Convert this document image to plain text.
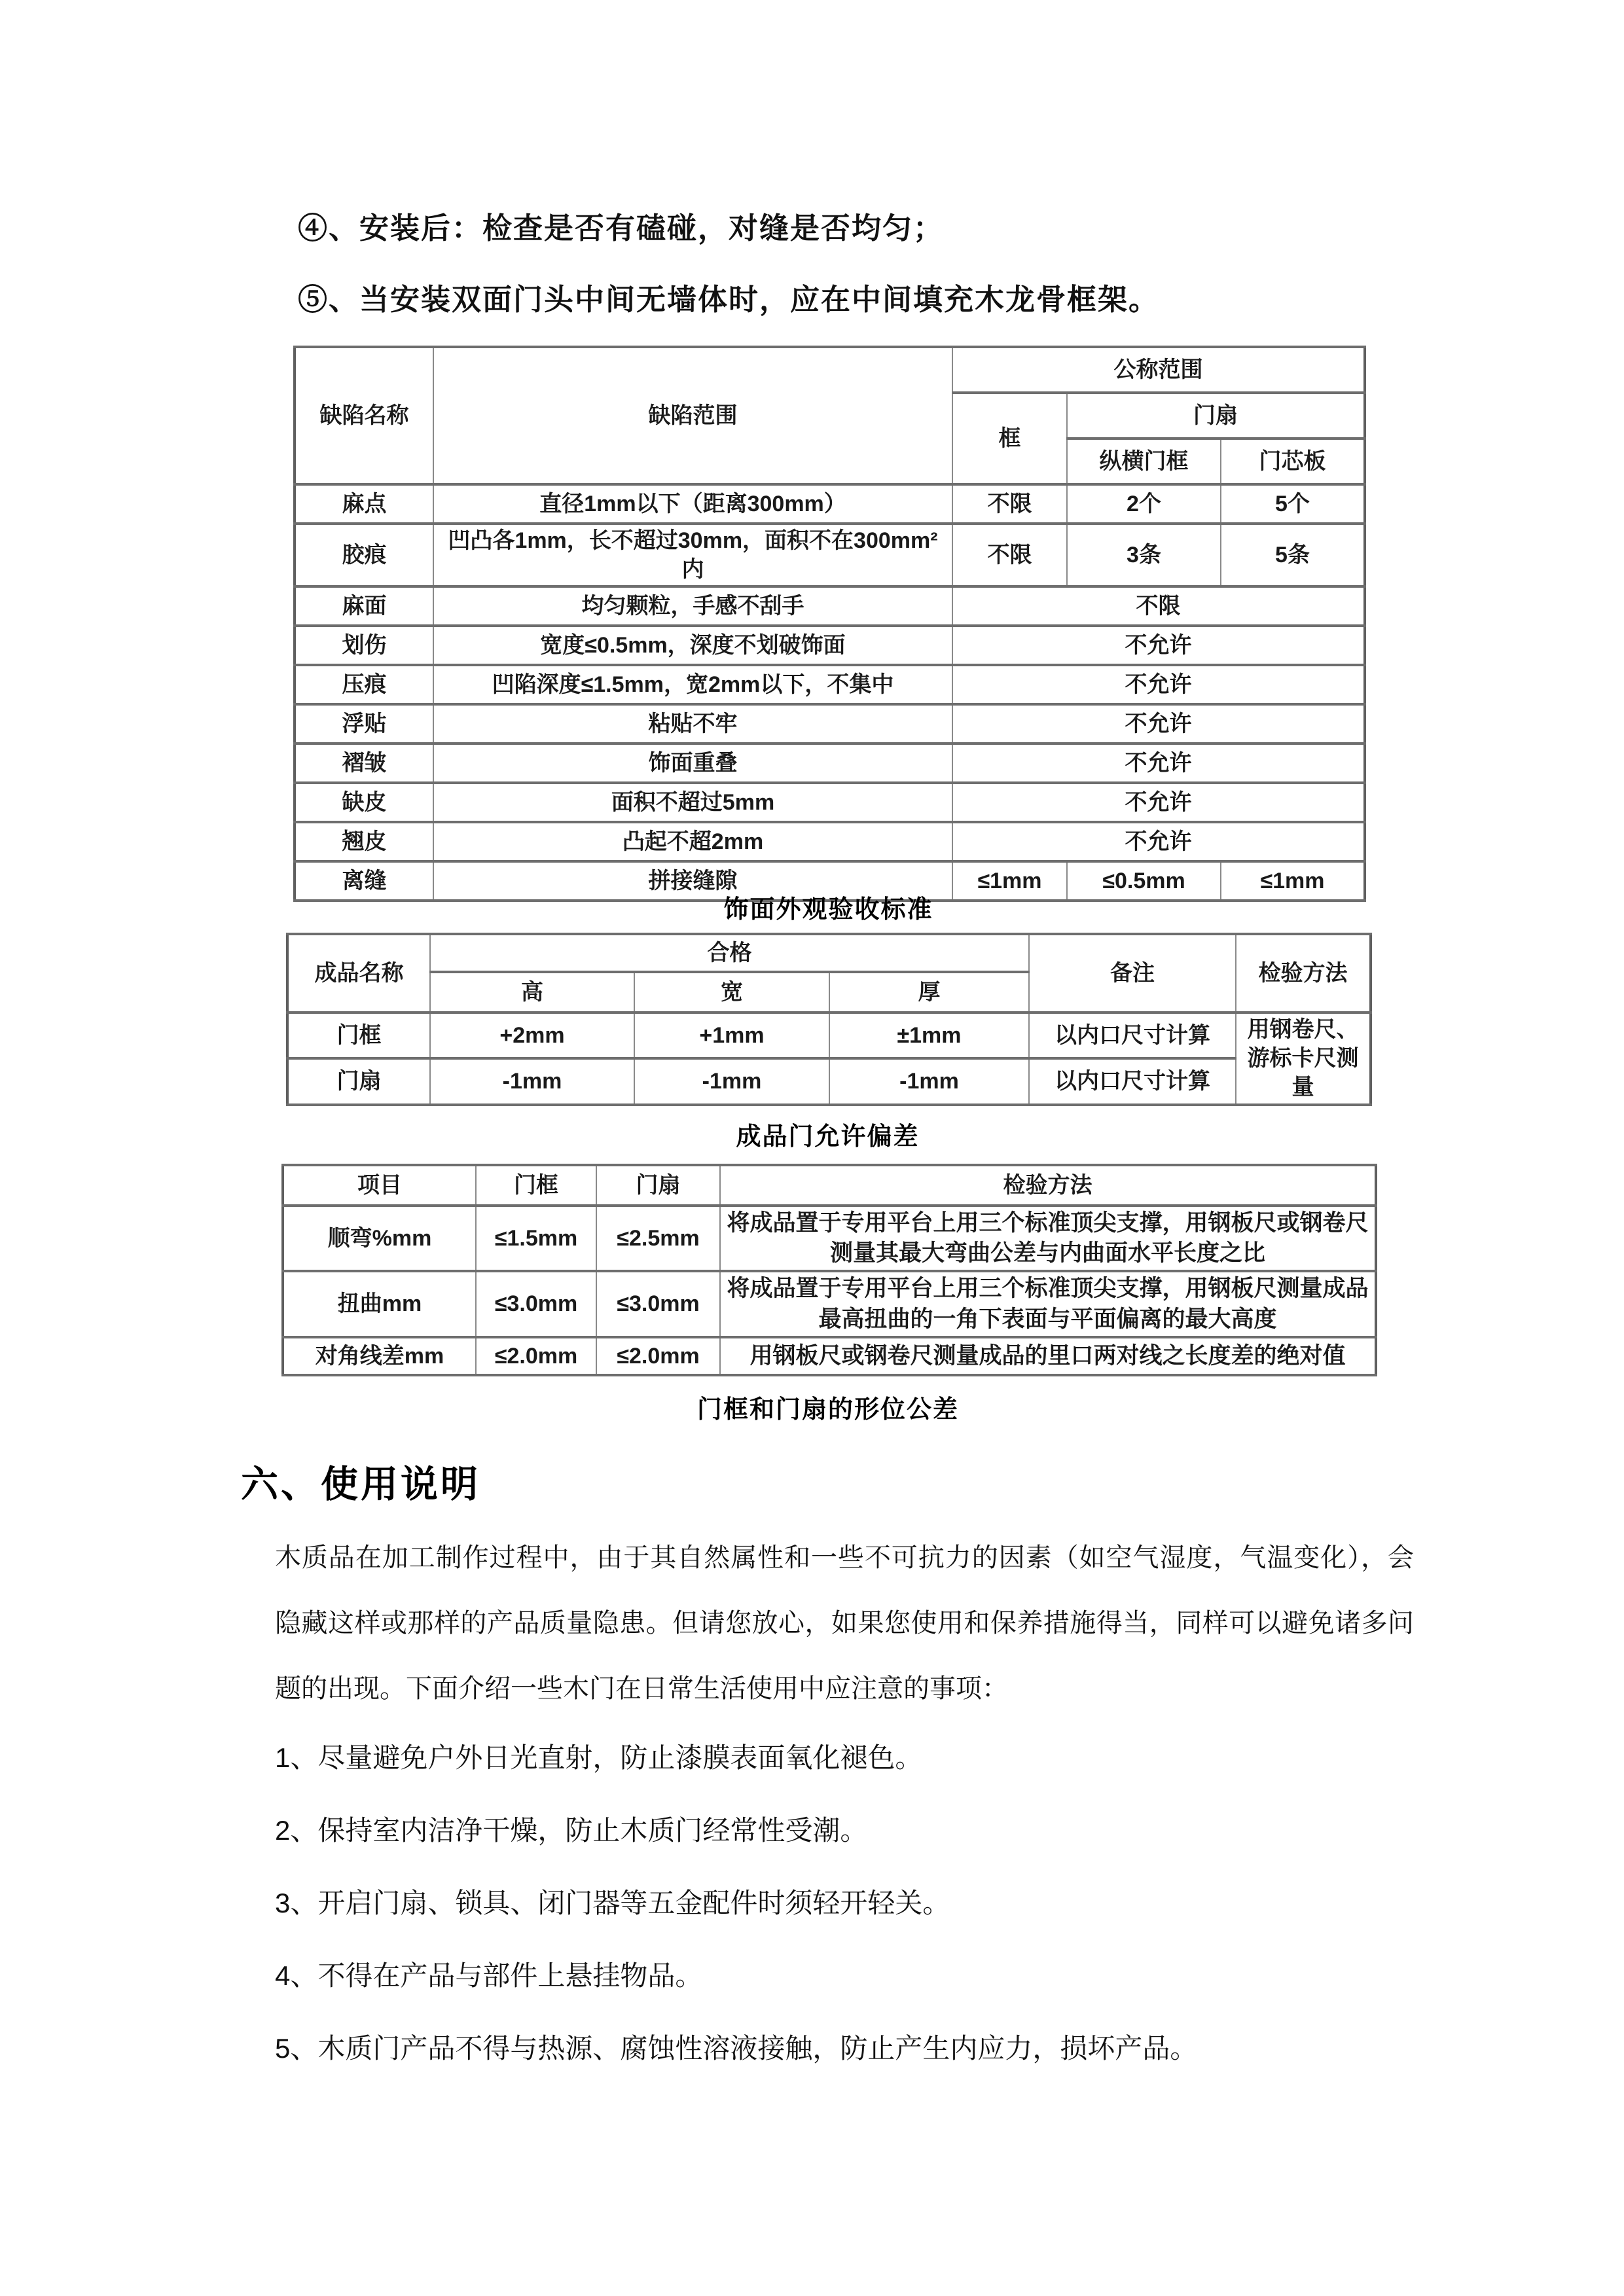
④、安装后：检查是否有磕碰，对缝是否均匀；
⑤、当安装双面门头中间无墙体时，应在中间填充木龙骨框架。
缺陷名称	缺陷范围	公称范围		
		框	门扇	
			纵横门框	门芯板
麻点	直径1mm以下（距离300mm）	不限	2个	5个
胶痕	凹凸各1mm，长不超过30mm，面积不在300mm²内	不限	3条	5条
麻面	均匀颗粒，手感不刮手	不限		
划伤	宽度≤0.5mm，深度不划破饰面	不允许		
压痕	凹陷深度≤1.5mm，宽2mm以下，不集中	不允许		
浮贴	粘贴不牢	不允许		
褶皱	饰面重叠	不允许		
缺皮	面积不超过5mm	不允许		
翘皮	凸起不超2mm	不允许		
离缝	拼接缝隙	≤1mm	≤0.5mm	≤1mm
饰面外观验收标准
成品名称	合格			备注	检验方法
	高	宽	厚		
门框	+2mm	+1mm	±1mm	以内口尺寸计算	用钢卷尺、游标卡尺测量
门扇	-1mm	-1mm	-1mm	以内口尺寸计算	
成品门允许偏差
项目	门框	门扇	检验方法
顺弯%mm	≤1.5mm	≤2.5mm	将成品置于专用平台上用三个标准顶尖支撑，用钢板尺或钢卷尺测量其最大弯曲公差与内曲面水平长度之比
扭曲mm	≤3.0mm	≤3.0mm	将成品置于专用平台上用三个标准顶尖支撑，用钢板尺测量成品最高扭曲的一角下表面与平面偏离的最大高度
对角线差mm	≤2.0mm	≤2.0mm	用钢板尺或钢卷尺测量成品的里口两对线之长度差的绝对值
门框和门扇的形位公差
六、使用说明
木质品在加工制作过程中，由于其自然属性和一些不可抗力的因素（如空气湿度，气温变化），会
隐藏这样或那样的产品质量隐患。但请您放心，如果您使用和保养措施得当，同样可以避免诸多问
题的出现。下面介绍一些木门在日常生活使用中应注意的事项：
1、尽量避免户外日光直射，防止漆膜表面氧化褪色。
2、保持室内洁净干燥，防止木质门经常性受潮。
3、开启门扇、锁具、闭门器等五金配件时须轻开轻关。
4、不得在产品与部件上悬挂物品。
5、木质门产品不得与热源、腐蚀性溶液接触，防止产生内应力，损坏产品。
